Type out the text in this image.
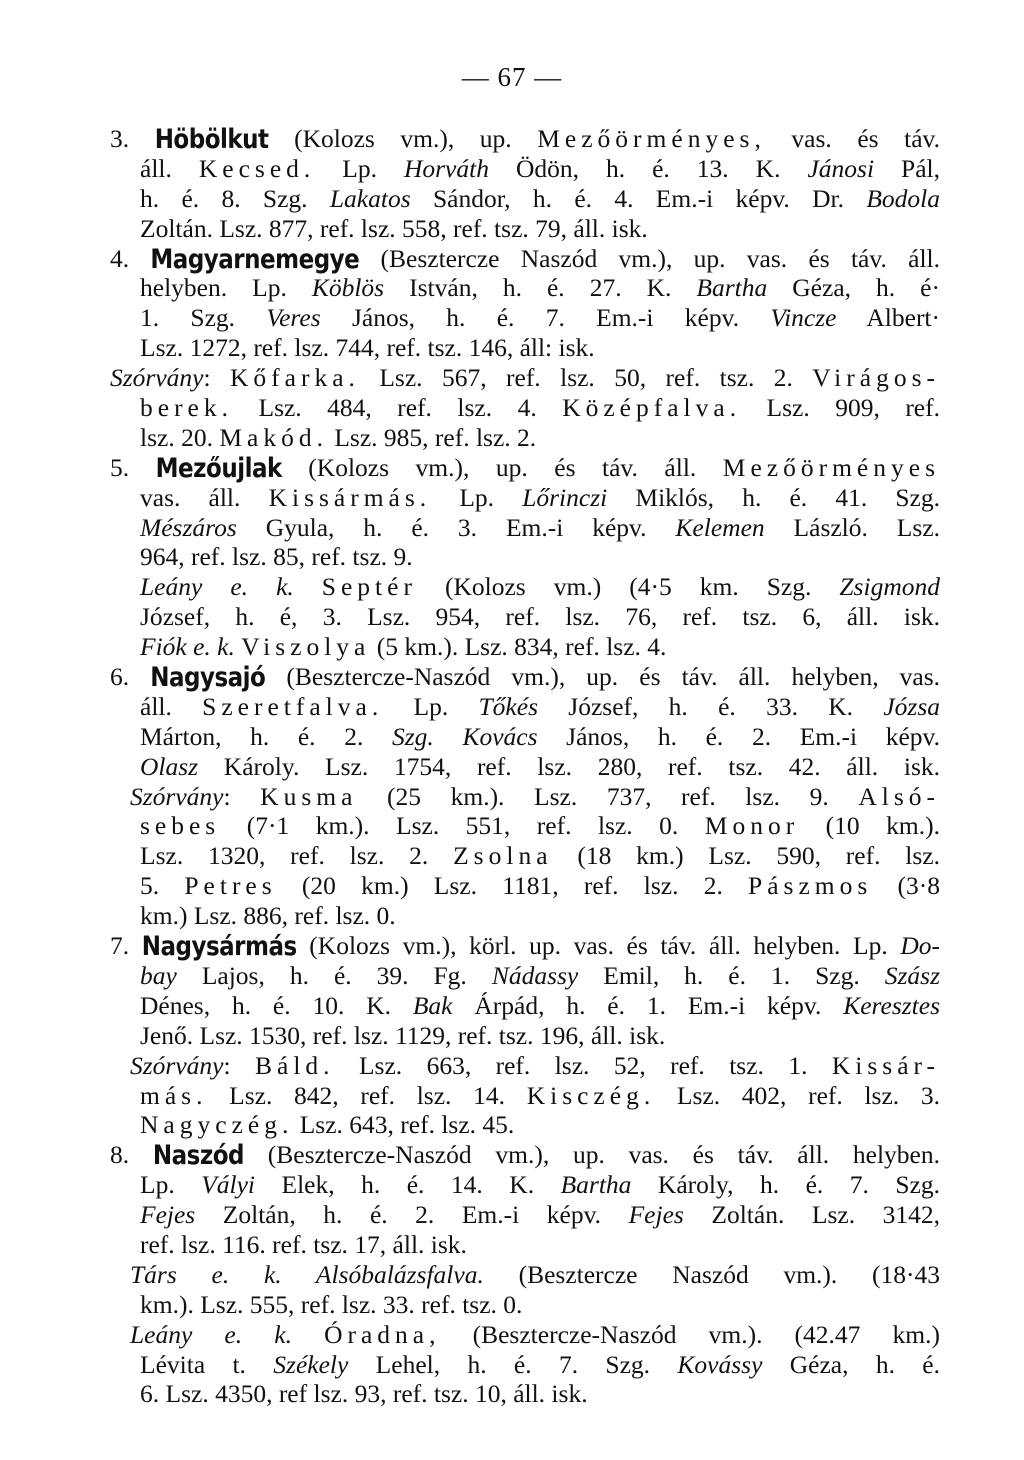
— 67 —
3. Höbölkut (Kolozs vm.), up. Mezőörményes, vas. és táv.
áll. Kecsed. Lp. Horváth Ödön, h. é. 13. K. Jánosi Pál,
h. é. 8. Szg. Lakatos Sándor, h. é. 4. Em.-i képv. Dr. Bodola
Zoltán. Lsz. 877, ref. lsz. 558, ref. tsz. 79, áll. isk.
4. Magyarnemegye (Besztercze Naszód vm.), up. vas. és táv. áll.
helyben. Lp. Köblös István, h. é. 27. K. Bartha Géza, h. é·
1. Szg. Veres János, h. é. 7. Em.-i képv. Vincze Albert·
Lsz. 1272, ref. lsz. 744, ref. tsz. 146, áll: isk.
Szórvány: Kőfarka. Lsz. 567, ref. lsz. 50, ref. tsz. 2. Virágos-
berek. Lsz. 484, ref. lsz. 4. Középfalva. Lsz. 909, ref.
lsz. 20. Makód. Lsz. 985, ref. lsz. 2.
5. Mezőujlak (Kolozs vm.), up. és táv. áll. Mezőörményes
vas. áll. Kissármás. Lp. Lőrinczi Miklós, h. é. 41. Szg.
Mészáros Gyula, h. é. 3. Em.-i képv. Kelemen László. Lsz.
964, ref. lsz. 85, ref. tsz. 9.
Leány e. k. Septér (Kolozs vm.) (4·5 km. Szg. Zsigmond
József, h. é, 3. Lsz. 954, ref. lsz. 76, ref. tsz. 6, áll. isk.
Fiók e. k. Viszolya (5 km.). Lsz. 834, ref. lsz. 4.
6. Nagysajó (Besztercze-Naszód vm.), up. és táv. áll. helyben, vas.
áll. Szeretfalva. Lp. Tőkés József, h. é. 33. K. Józsa
Márton, h. é. 2. Szg. Kovács János, h. é. 2. Em.-i képv.
Olasz Károly. Lsz. 1754, ref. lsz. 280, ref. tsz. 42. áll. isk.
Szórvány: Kusma (25 km.). Lsz. 737, ref. lsz. 9. Alsó-
sebes (7·1 km.). Lsz. 551, ref. lsz. 0. Monor (10 km.).
Lsz. 1320, ref. lsz. 2. Zsolna (18 km.) Lsz. 590, ref. lsz.
5. Petres (20 km.) Lsz. 1181, ref. lsz. 2. Pászmos (3·8
km.) Lsz. 886, ref. lsz. 0.
7. Nagysármás (Kolozs vm.), körl. up. vas. és táv. áll. helyben. Lp. Do-
bay Lajos, h. é. 39. Fg. Nádassy Emil, h. é. 1. Szg. Szász
Dénes, h. é. 10. K. Bak Árpád, h. é. 1. Em.-i képv. Keresztes
Jenő. Lsz. 1530, ref. lsz. 1129, ref. tsz. 196, áll. isk.
Szórvány: Báld. Lsz. 663, ref. lsz. 52, ref. tsz. 1. Kissár-
más. Lsz. 842, ref. lsz. 14. Kisczég. Lsz. 402, ref. lsz. 3.
Nagyczég. Lsz. 643, ref. lsz. 45.
8. Naszód (Besztercze-Naszód vm.), up. vas. és táv. áll. helyben.
Lp. Vályi Elek, h. é. 14. K. Bartha Károly, h. é. 7. Szg.
Fejes Zoltán, h. é. 2. Em.-i képv. Fejes Zoltán. Lsz. 3142,
ref. lsz. 116. ref. tsz. 17, áll. isk.
Társ e. k. Alsóbalázsfalva. (Besztercze Naszód vm.). (18·43
km.). Lsz. 555, ref. lsz. 33. ref. tsz. 0.
Leány e. k. Óradna, (Besztercze-Naszód vm.). (42.47 km.)
Lévita t. Székely Lehel, h. é. 7. Szg. Kovássy Géza, h. é.
6. Lsz. 4350, ref lsz. 93, ref. tsz. 10, áll. isk.
